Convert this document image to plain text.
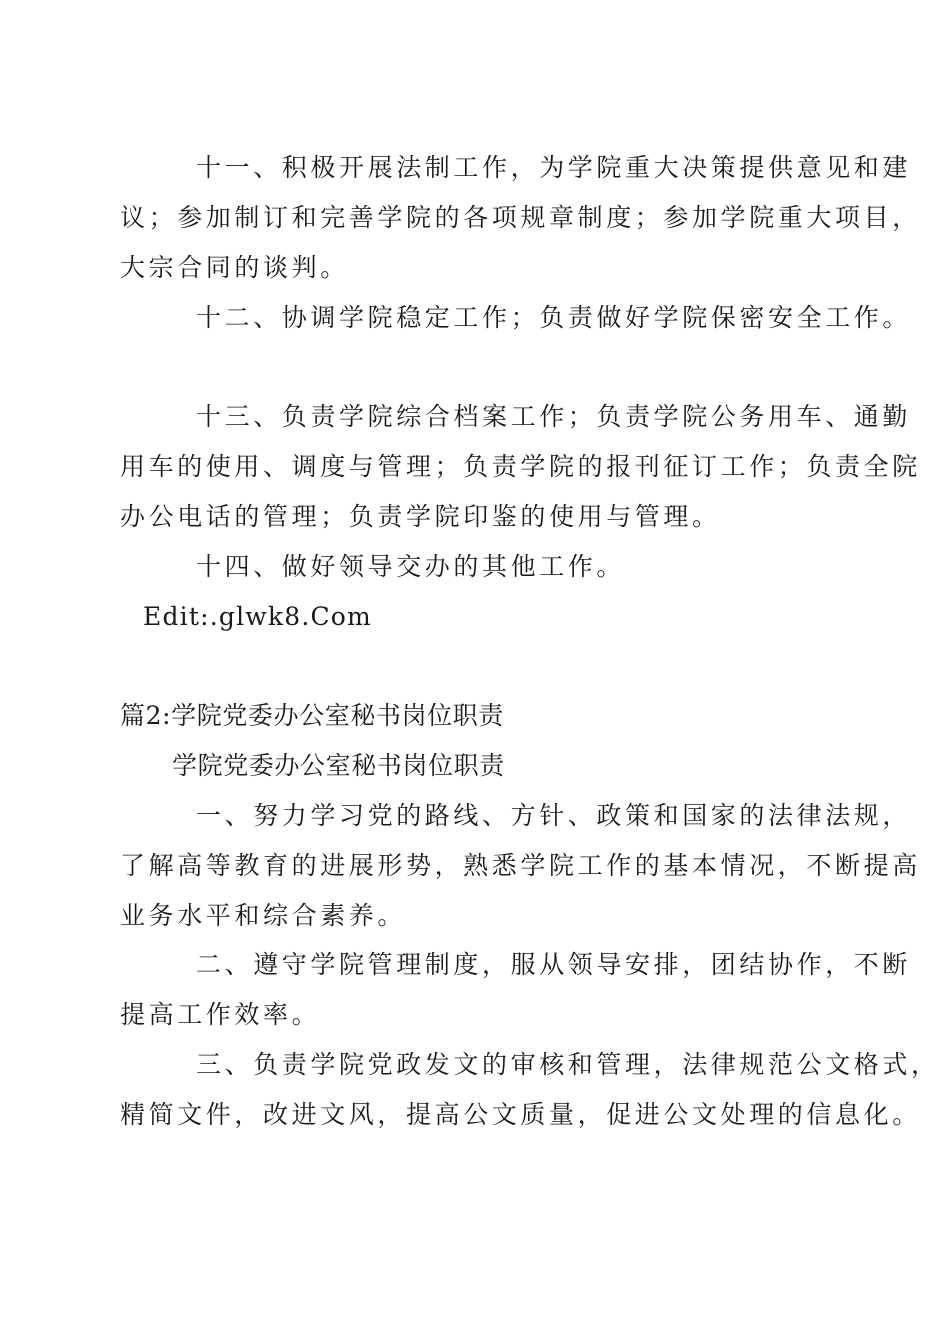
十一、积极开展法制工作，为学院重大决策提供意见和建
议；参加制订和完善学院的各项规章制度；参加学院重大项目，
大宗合同的谈判。
十二、协调学院稳定工作；负责做好学院保密安全工作。
十三、负责学院综合档案工作；负责学院公务用车、通勤
用车的使用、调度与管理；负责学院的报刊征订工作；负责全院
办公电话的管理；负责学院印鉴的使用与管理。
十四、做好领导交办的其他工作。
Edit:.glwk8.Com
篇2:学院党委办公室秘书岗位职责
学院党委办公室秘书岗位职责
一、努力学习党的路线、方针、政策和国家的法律法规，
了解高等教育的进展形势，熟悉学院工作的基本情况，不断提高
业务水平和综合素养。
二、遵守学院管理制度，服从领导安排，团结协作，不断
提高工作效率。
三、负责学院党政发文的审核和管理，法律规范公文格式，
精简文件，改进文风，提高公文质量，促进公文处理的信息化。
